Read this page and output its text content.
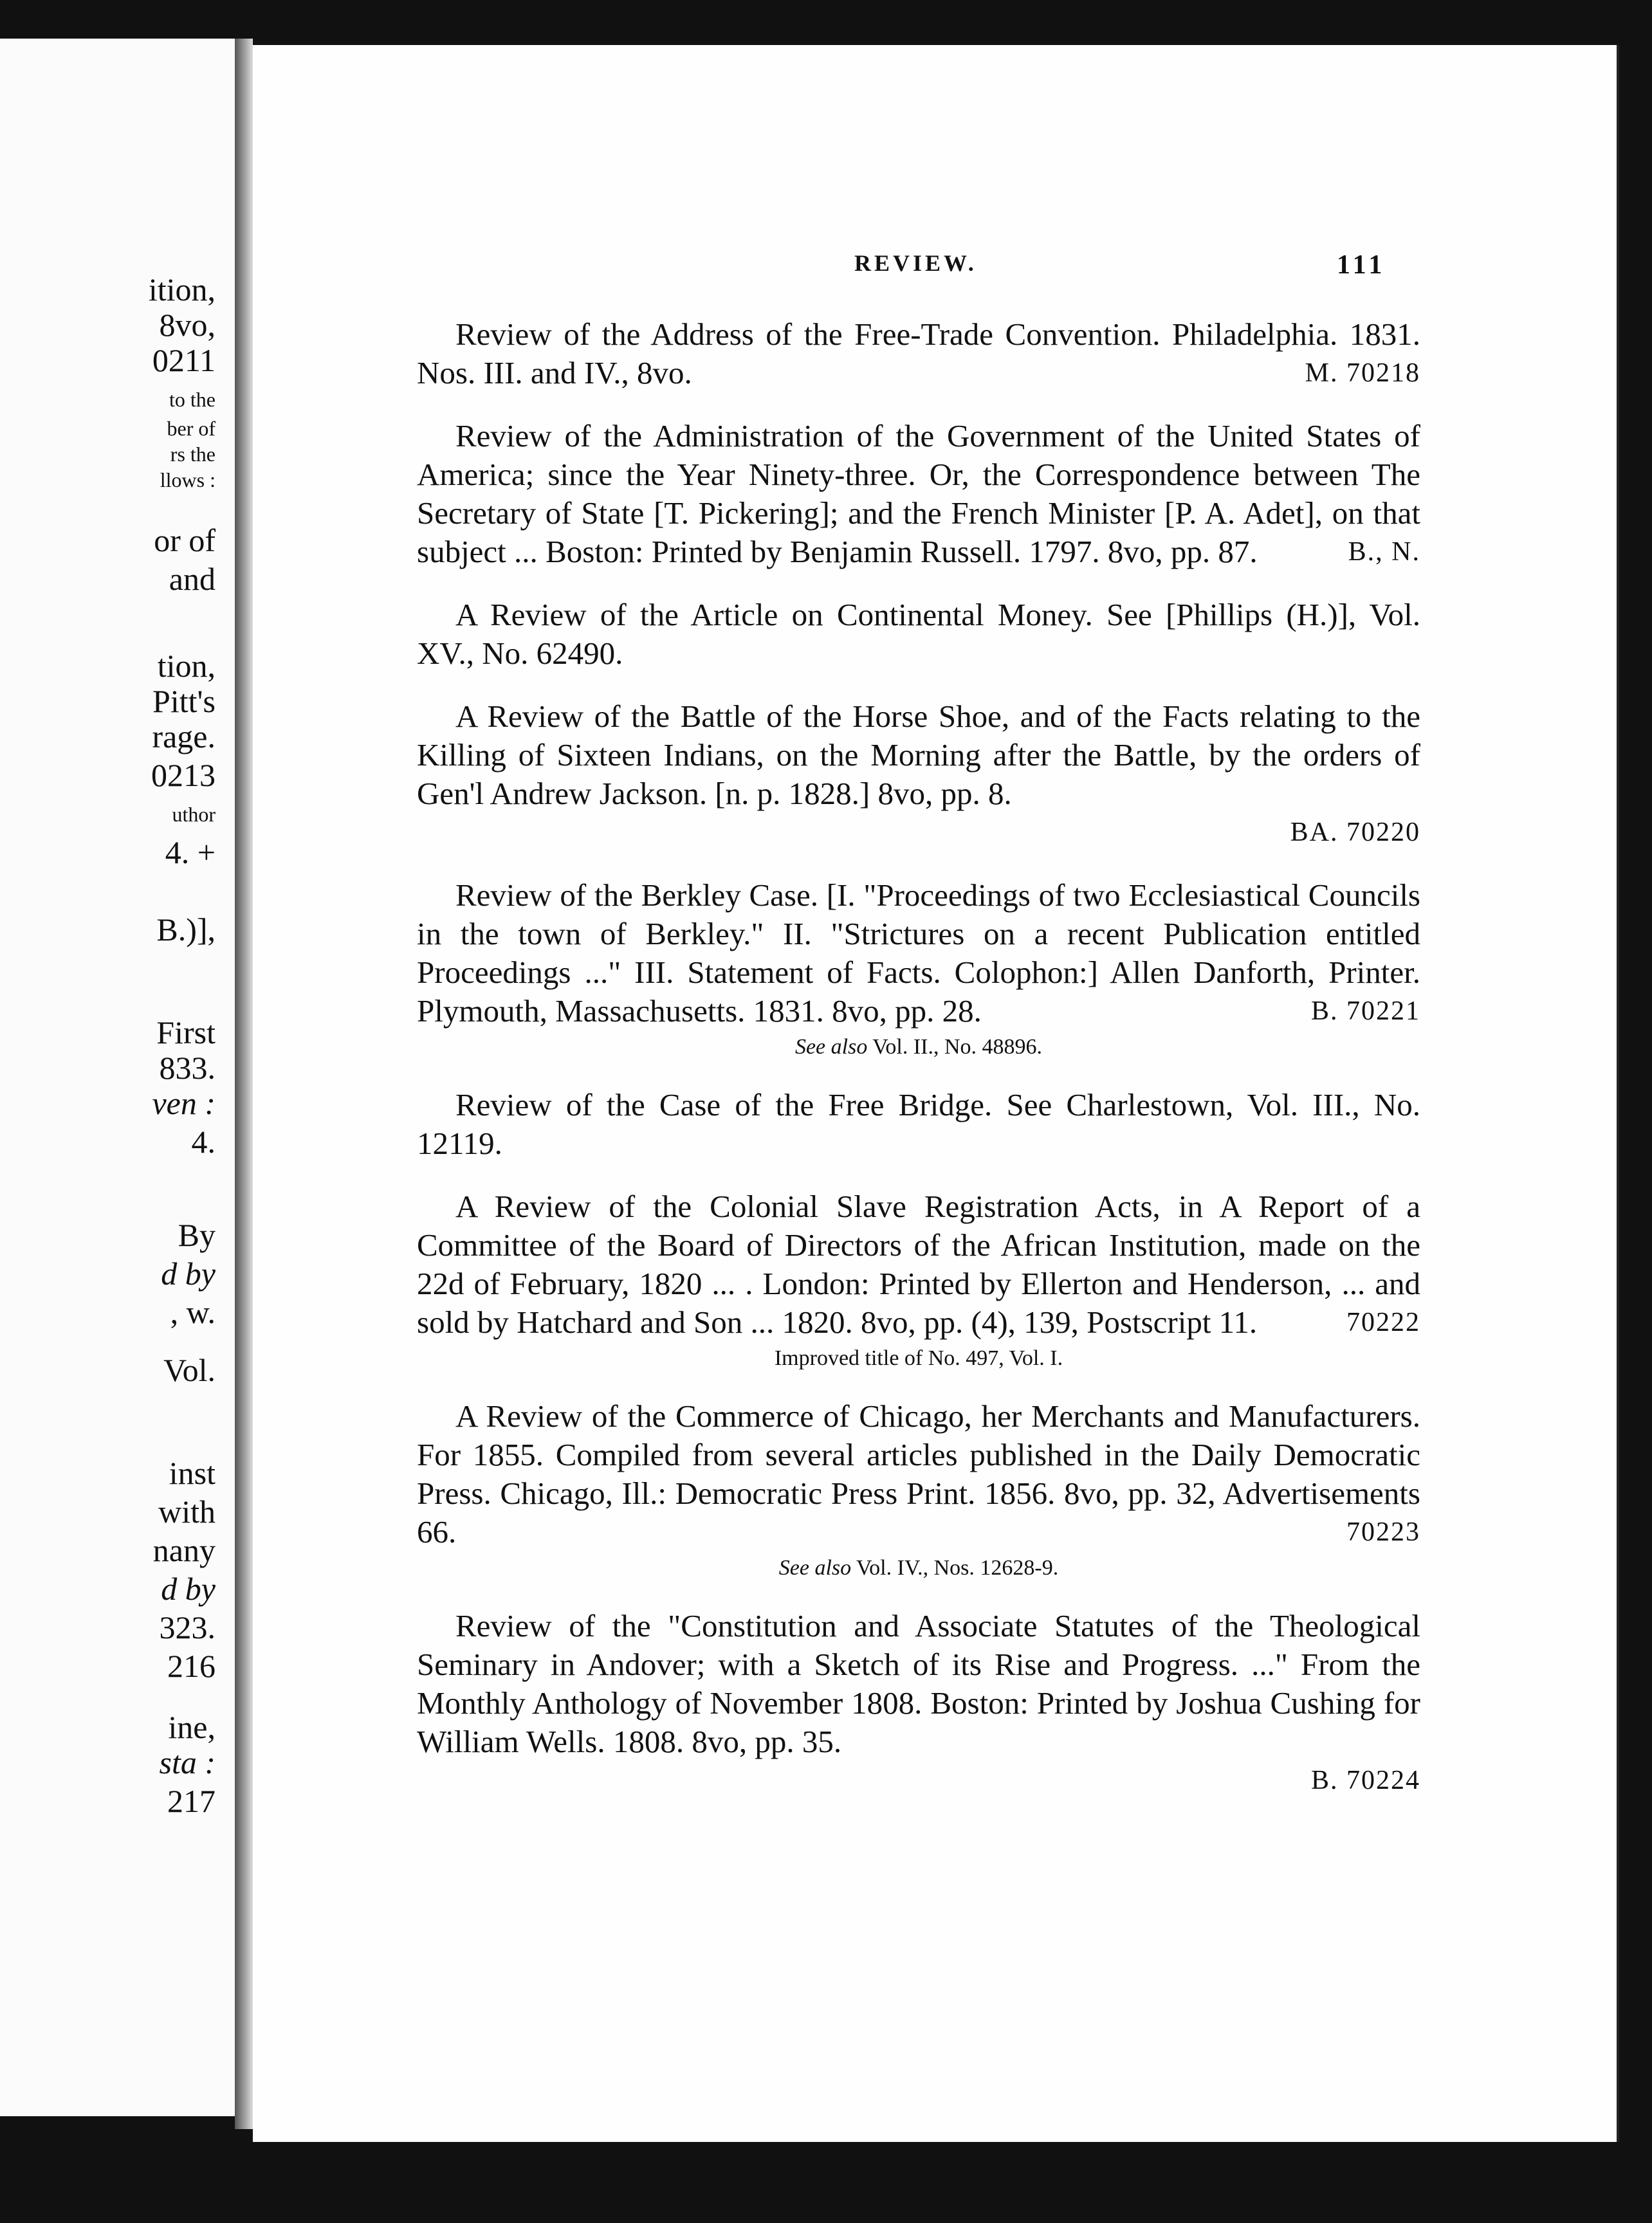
ition,
8vo,
0211
to the
ber of
rs the
llows :
or of
and
tion,
Pitt's
rage.
0213
uthor
4. +
B.)],
First
833.
ven :
4.
By
d by
, w.
Vol.
inst
with
nany
d by
323.
216
ine,
sta :
217
REVIEW.	111
Review of the Address of the Free-Trade Convention. Philadelphia. 1831. Nos. III. and IV., 8vo.	M. 70218
Review of the Administration of the Government of the United States of America; since the Year Ninety-three. Or, the Correspondence between The Secretary of State [T. Pickering]; and the French Minister [P. A. Adet], on that subject ... Boston: Printed by Benjamin Russell. 1797. 8vo, pp. 87.	B., N.
A Review of the Article on Continental Money. See [Phillips (H.)], Vol. XV., No. 62490.
A Review of the Battle of the Horse Shoe, and of the Facts relating to the Killing of Sixteen Indians, on the Morning after the Battle, by the orders of Gen'l Andrew Jackson. [n. p. 1828.] 8vo, pp. 8.
BA. 70220
Review of the Berkley Case. [I. "Proceedings of two Ecclesiastical Councils in the town of Berkley." II. "Strictures on a recent Publication entitled Proceedings ..." III. Statement of Facts. Colophon:] Allen Danforth, Printer. Plymouth, Massachusetts. 1831. 8vo, pp. 28.	B. 70221
See also Vol. II., No. 48896.
Review of the Case of the Free Bridge. See Charlestown, Vol. III., No. 12119.
A Review of the Colonial Slave Registration Acts, in A Report of a Committee of the Board of Directors of the African Institution, made on the 22d of February, 1820 ... . London: Printed by Ellerton and Henderson, ... and sold by Hatchard and Son ... 1820. 8vo, pp. (4), 139, Postscript 11.	70222
Improved title of No. 497, Vol. I.
A Review of the Commerce of Chicago, her Merchants and Manufacturers. For 1855. Compiled from several articles published in the Daily Democratic Press. Chicago, Ill.: Democratic Press Print. 1856. 8vo, pp. 32, Advertisements 66.	70223
See also Vol. IV., Nos. 12628-9.
Review of the "Constitution and Associate Statutes of the Theological Seminary in Andover; with a Sketch of its Rise and Progress. ..." From the Monthly Anthology of November 1808. Boston: Printed by Joshua Cushing for William Wells. 1808. 8vo, pp. 35.
B. 70224
